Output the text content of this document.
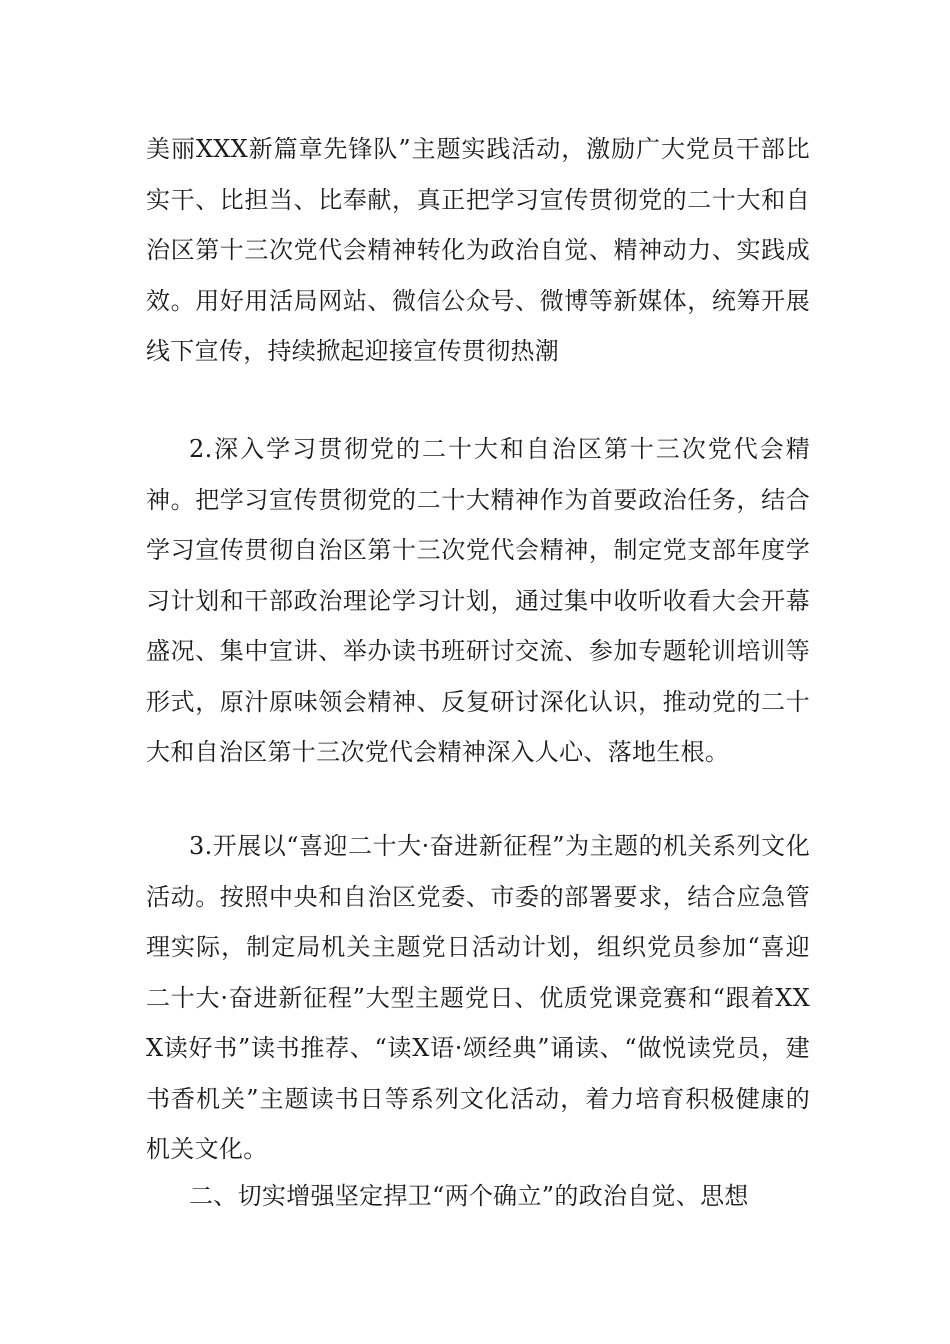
美丽XXX新篇章先锋队”主题实践活动，激励广大党员干部比实干、比担当、比奉献，真正把学习宣传贯彻党的二十大和自治区第十三次党代会精神转化为政治自觉、精神动力、实践成效。用好用活局网站、微信公众号、微博等新媒体，统筹开展线下宣传，持续掀起迎接宣传贯彻热潮

2.深入学习贯彻党的二十大和自治区第十三次党代会精神。把学习宣传贯彻党的二十大精神作为首要政治任务，结合学习宣传贯彻自治区第十三次党代会精神，制定党支部年度学习计划和干部政治理论学习计划，通过集中收听收看大会开幕盛况、集中宣讲、举办读书班研讨交流、参加专题轮训培训等形式，原汁原味领会精神、反复研讨深化认识，推动党的二十大和自治区第十三次党代会精神深入人心、落地生根。

3.开展以“喜迎二十大·奋进新征程”为主题的机关系列文化活动。按照中央和自治区党委、市委的部署要求，结合应急管理实际，制定局机关主题党日活动计划，组织党员参加“喜迎二十大·奋进新征程”大型主题党日、优质党课竞赛和“跟着XXX读好书”读书推荐、“读X语·颂经典”诵读、“做悦读党员，建书香机关”主题读书日等系列文化活动，着力培育积极健康的机关文化。

二、切实增强坚定捍卫“两个确立”的政治自觉、思想
